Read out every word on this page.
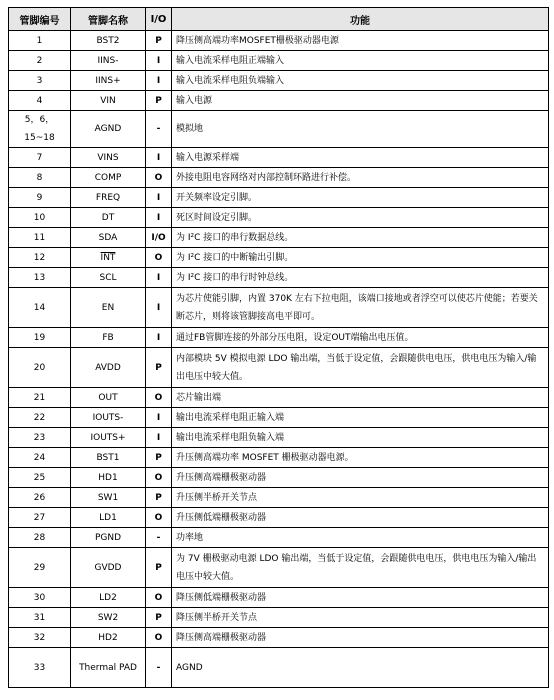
管脚编号	管脚名称	I/O	功能
1	BST2	P	降压侧高端功率MOSFET栅极驱动器电源
2	IINS-	I	输入电流采样电阻正端输入
3	IINS+	I	输入电流采样电阻负端输入
4	VIN	P	输入电源
5，6，15~18	AGND	-	模拟地
7	VINS	I	输入电源采样端
8	COMP	O	外接电阻电容网络对内部控制环路进行补偿。
9	FREQ	I	开关频率设定引脚。
10	DT	I	死区时间设定引脚。
11	SDA	I/O	为 I²C 接口的串行数据总线。
12	$\overline{INT}$	O	为 I²C 接口的中断输出引脚。
13	SCL	I	为 I²C 接口的串行时钟总线。
14	EN	I	为芯片使能引脚，内置 370K 左右下拉电阻，该端口接地或者浮空可以使芯片使能；若要关断芯片，则将该管脚接高电平即可。
19	FB	I	通过FB管脚连接的外部分压电阻，设定OUT端输出电压值。
20	AVDD	P	内部模块 5V 模拟电源 LDO 输出端，当低于设定值，会跟随供电电压，供电电压为输入/输出电压中较大值。
21	OUT	O	芯片输出端
22	IOUTS-	I	输出电流采样电阻正输入端
23	IOUTS+	I	输出电流采样电阻负输入端
24	BST1	P	升压侧高端功率 MOSFET 栅极驱动器电源。
25	HD1	O	升压侧高端栅极驱动器
26	SW1	P	升压侧半桥开关节点
27	LD1	O	升压侧低端栅极驱动器
28	PGND	-	功率地
29	GVDD	P	为 7V 栅极驱动电源 LDO 输出端，当低于设定值，会跟随供电电压，供电电压为输入/输出电压中较大值。
30	LD2	O	降压侧低端栅极驱动器
31	SW2	P	降压侧半桥开关节点
32	HD2	O	降压侧高端栅极驱动器
33	Thermal PAD	-	AGND
